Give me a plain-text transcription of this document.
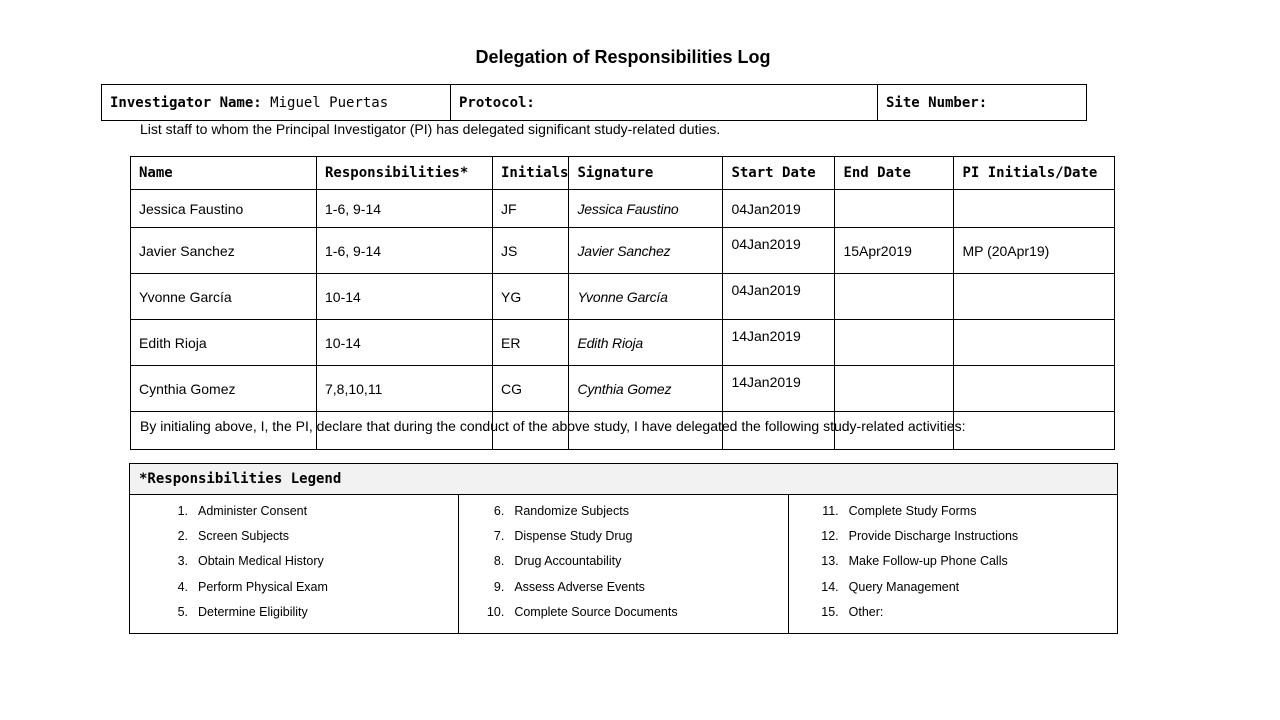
Delegation of Responsibilities Log
Investigator Name: Miguel Puertas	Protocol:	Site Number:
List staff to whom the Principal Investigator (PI) has delegated significant study-related duties.
Name	Responsibilities*	Initials	Signature	Start Date	End Date	PI Initials/Date
Jessica Faustino	1-6, 9-14	JF	Jessica Faustino	04Jan2019		
Javier Sanchez	1-6, 9-14	JS	Javier Sanchez	04Jan2019	15Apr2019	MP (20Apr19)
Yvonne García	10-14	YG	Yvonne García	04Jan2019		
Edith Rioja	10-14	ER	Edith Rioja	14Jan2019		
Cynthia Gomez	7,8,10,11	CG	Cynthia Gomez	14Jan2019		

By initialing above, I, the PI, declare that during the conduct of the above study, I have delegated the following study-related activities:
*Responsibilities Legend

1. Administer Consent
2. Screen Subjects
3. Obtain Medical History
4. Perform Physical Exam
5. Determine Eligibility

6. Randomize Subjects
7. Dispense Study Drug
8. Drug Accountability
9. Assess Adverse Events
10. Complete Source Documents

11. Complete Study Forms
12. Provide Discharge Instructions
13. Make Follow-up Phone Calls
14. Query Management
15. Other:
